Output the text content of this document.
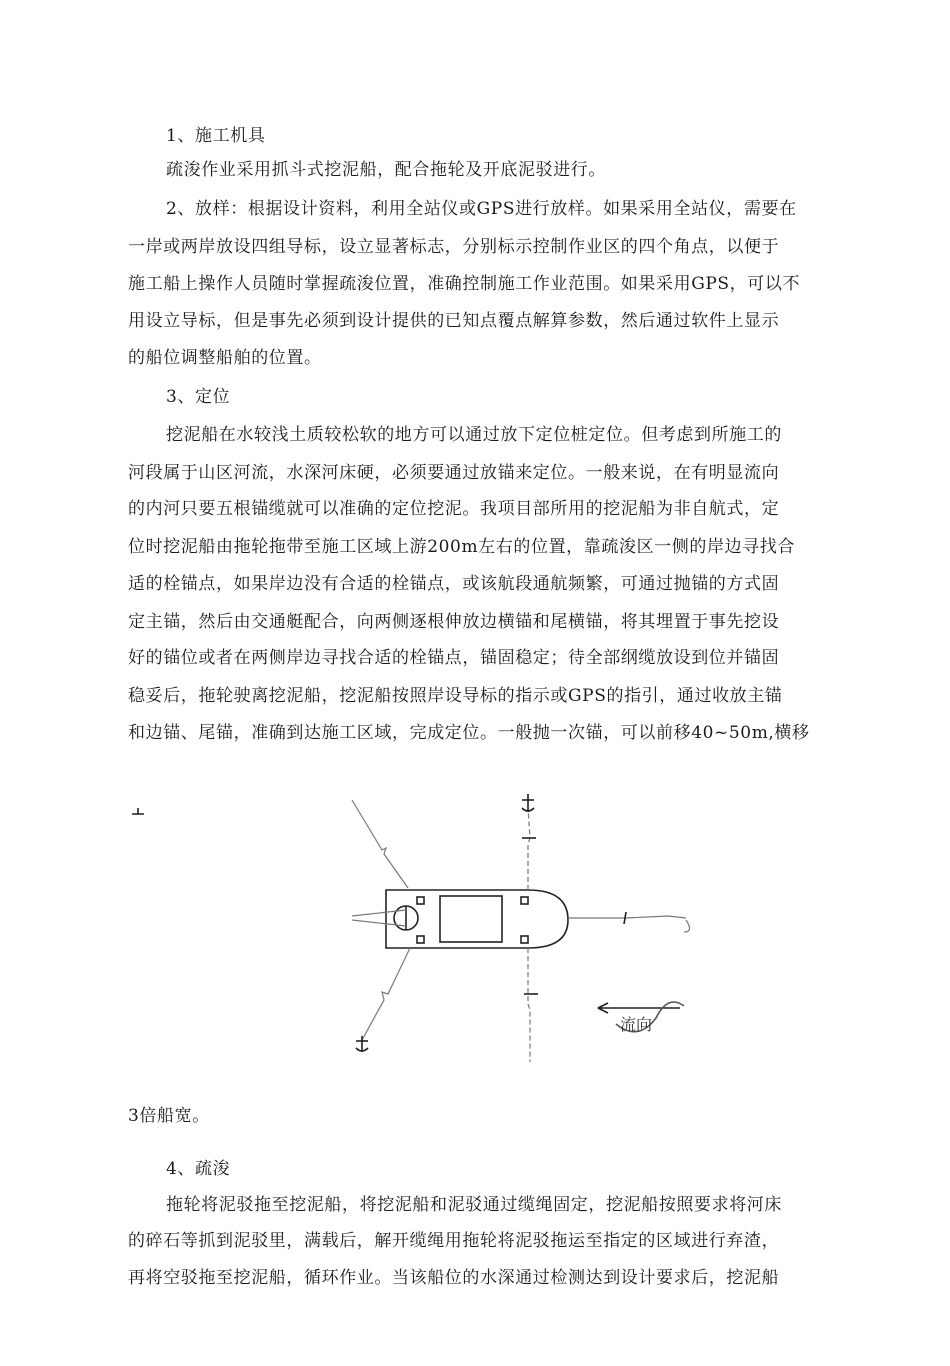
1、施工机具
疏浚作业采用抓斗式挖泥船，配合拖轮及开底泥驳进行。
2、放样：根据设计资料，利用全站仪或GPS进行放样。如果采用全站仪，需要在
一岸或两岸放设四组导标，设立显著标志，分别标示控制作业区的四个角点，以便于
施工船上操作人员随时掌握疏浚位置，准确控制施工作业范围。如果采用GPS，可以不
用设立导标，但是事先必须到设计提供的已知点覆点解算参数，然后通过软件上显示
的船位调整船舶的位置。
3、定位
挖泥船在水较浅土质较松软的地方可以通过放下定位桩定位。但考虑到所施工的
河段属于山区河流，水深河床硬，必须要通过放锚来定位。一般来说，在有明显流向
的内河只要五根锚缆就可以准确的定位挖泥。我项目部所用的挖泥船为非自航式，定
位时挖泥船由拖轮拖带至施工区域上游200m左右的位置，靠疏浚区一侧的岸边寻找合
适的栓锚点，如果岸边没有合适的栓锚点，或该航段通航频繁，可通过抛锚的方式固
定主锚，然后由交通艇配合，向两侧逐根伸放边横锚和尾横锚，将其埋置于事先挖设
好的锚位或者在两侧岸边寻找合适的栓锚点，锚固稳定；待全部纲缆放设到位并锚固
稳妥后，拖轮驶离挖泥船，挖泥船按照岸设导标的指示或GPS的指引，通过收放主锚
和边锚、尾锚，准确到达施工区域，完成定位。一般抛一次锚，可以前移40~50m,横移
流向
3倍船宽。
4、疏浚
拖轮将泥驳拖至挖泥船，将挖泥船和泥驳通过缆绳固定，挖泥船按照要求将河床
的碎石等抓到泥驳里，满载后，解开缆绳用拖轮将泥驳拖运至指定的区域进行弃渣，
再将空驳拖至挖泥船，循环作业。当该船位的水深通过检测达到设计要求后，挖泥船
